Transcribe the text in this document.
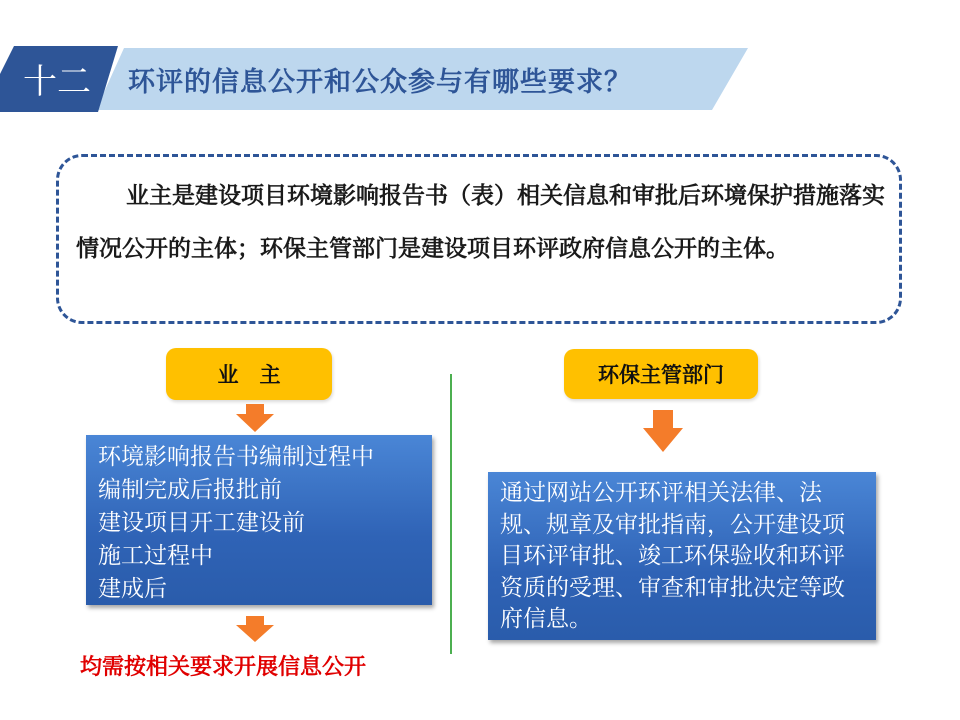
十二	环评的信息公开和公众参与有哪些要求？
业主是建设项目环境影响报告书（表）相关信息和审批后环境保护措施落实情况公开的主体；环保主管部门是建设项目环评政府信息公开的主体。
业　主
环境影响报告书编制过程中
编制完成后报批前
建设项目开工建设前
施工过程中
建成后
均需按相关要求开展信息公开
环保主管部门
通过网站公开环评相关法律、法规、规章及审批指南，公开建设项目环评审批、竣工环保验收和环评资质的受理、审查和审批决定等政府信息。
